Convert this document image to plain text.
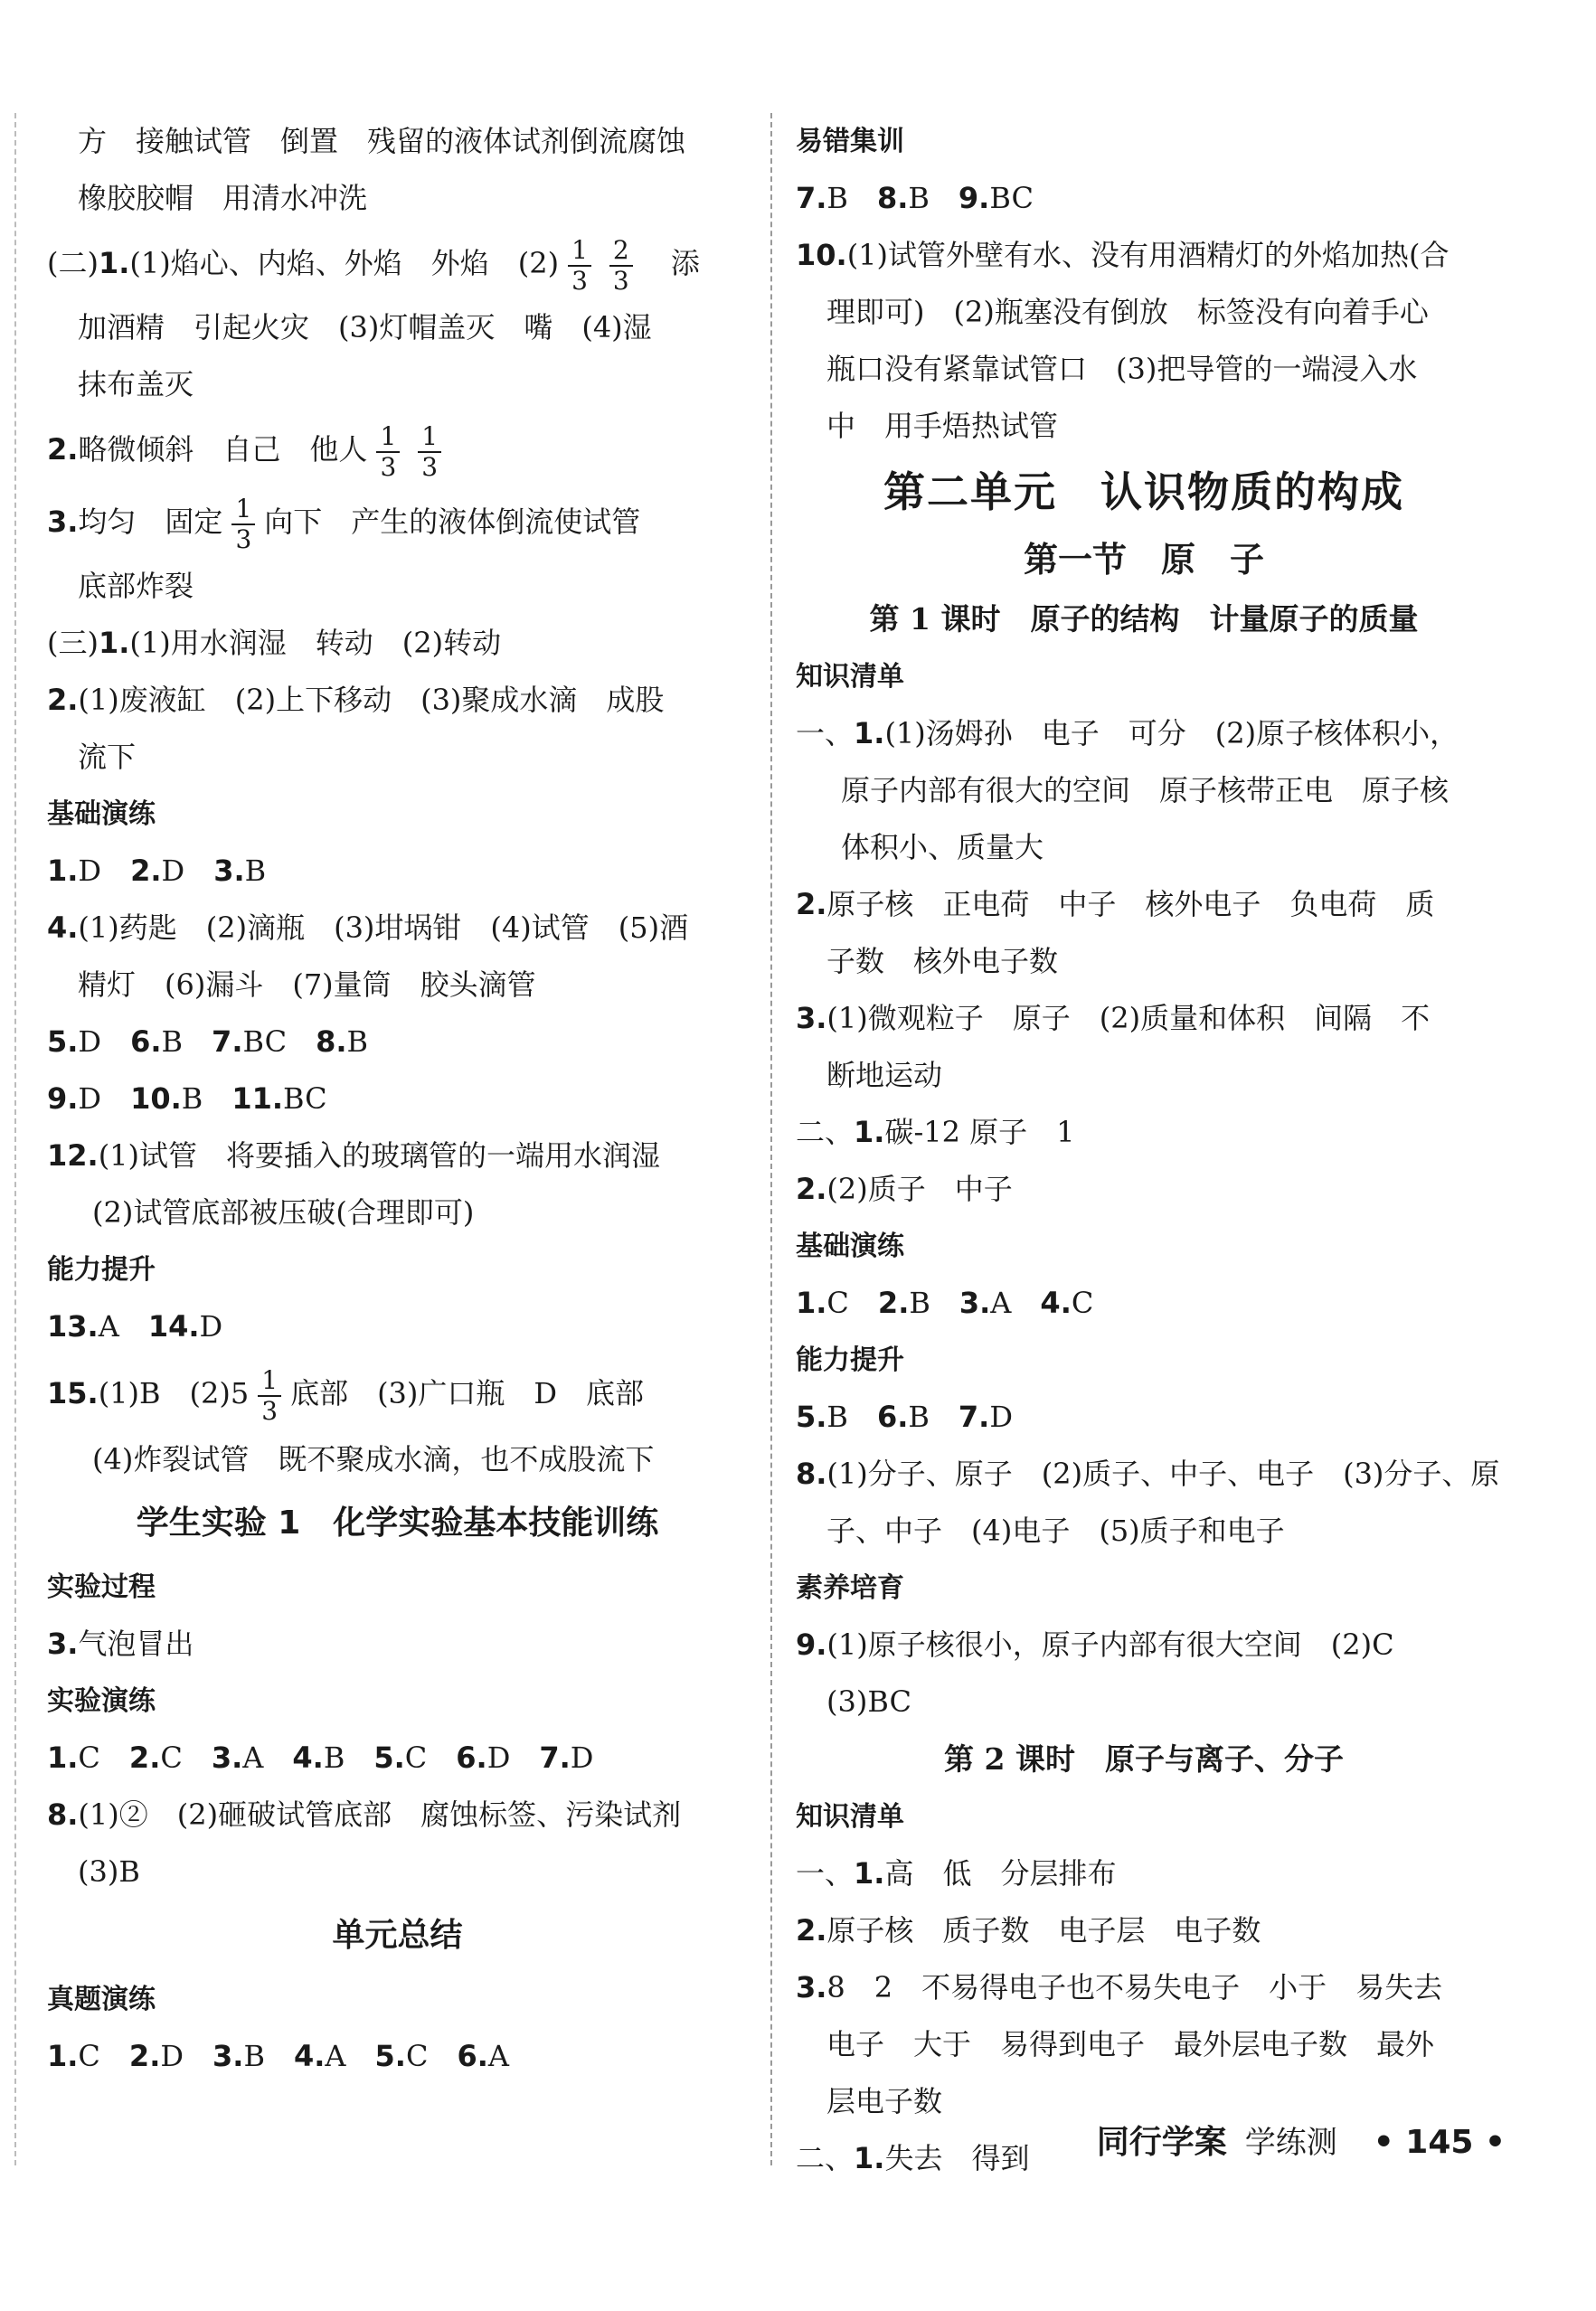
方　接触试管　倒置　残留的液体试剂倒流腐蚀
橡胶胶帽　用清水冲洗
(二)1.(1)焰心、内焰、外焰　外焰　$(2) \frac{1}{3} \frac{2}{3}$
　 添
加酒精　引起火灾　(3)灯帽盖灭　嘴　(4)湿
抹布盖灭
2.略微倾斜　自己　他人 $\frac{1}{3} \frac{1}{3}$
3.均匀　固定 $\frac{1}{3}$ 向下　产生的液体倒流使试管
底部炸裂
(三)1.(1)用水润湿　转动　(2)转动
2.(1)废液缸　(2)上下移动　(3)聚成水滴　成股
流下
基础演练
1.D　 2.D　 3.B
4.(1)药匙　(2)滴瓶　(3)坩埚钳　(4)试管　(5)酒
精灯　(6)漏斗　(7)量筒　胶头滴管
5.D　 6.B　 7.BC　 8.B
9.D　 10.B　 11.BC
12.(1)试管　将要插入的玻璃管的一端用水润湿
(2)试管底部被压破(合理即可)
能力提升
13.A　 14.D
15.(1)B　$(2)5 \frac{1}{3}$ 底部　(3)广口瓶　D　底部
(4)炸裂试管　既不聚成水滴，也不成股流下
学生实验 1　化学实验基本技能训练
实验过程
3.气泡冒出
实验演练
1.C　 2.C　 3.A　 4.B　 5.C　 6.D　 7.D
8.(1)②　(2)砸破试管底部　腐蚀标签、污染试剂
(3)B
单元总结
真题演练
1.C　 2.D　 3.B　 4.A　 5.C　 6.A
易错集训
7.B　 8.B　 9.BC
10.(1)试管外壁有水、没有用酒精灯的外焰加热(合
理即可)　(2)瓶塞没有倒放　标签没有向着手心
瓶口没有紧靠试管口　(3)把导管的一端浸入水
中　用手焐热试管
第二单元　认识物质的构成
第一节　原　子
第 1 课时　原子的结构　计量原子的质量
知识清单
一、1.(1)汤姆孙　电子　可分　(2)原子核体积小，
原子内部有很大的空间　原子核带正电　原子核
体积小、质量大
2.原子核　正电荷　中子　核外电子　负电荷　质
子数　核外电子数
3.(1)微观粒子　原子　(2)质量和体积　间隔　不
断地运动
二、1.碳-12 原子　1
2.(2)质子　中子
基础演练
1.C　 2.B　 3.A　 4.C
能力提升
5.B　 6.B　 7.D
8.(1)分子、原子　(2)质子、中子、电子　(3)分子、原
子、中子　(4)电子　(5)质子和电子
素养培育
9.(1)原子核很小，原子内部有很大空间　(2)C
(3)BC
第 2 课时　原子与离子、分子
知识清单
一、1.高　低　分层排布
2.原子核　质子数　电子层　电子数
3.8　2　不易得电子也不易失电子　小于　易失去
电子　大于　易得到电子　最外层电子数　最外
层电子数
二、1.失去　得到	同行学案 学练测 • 145 •
